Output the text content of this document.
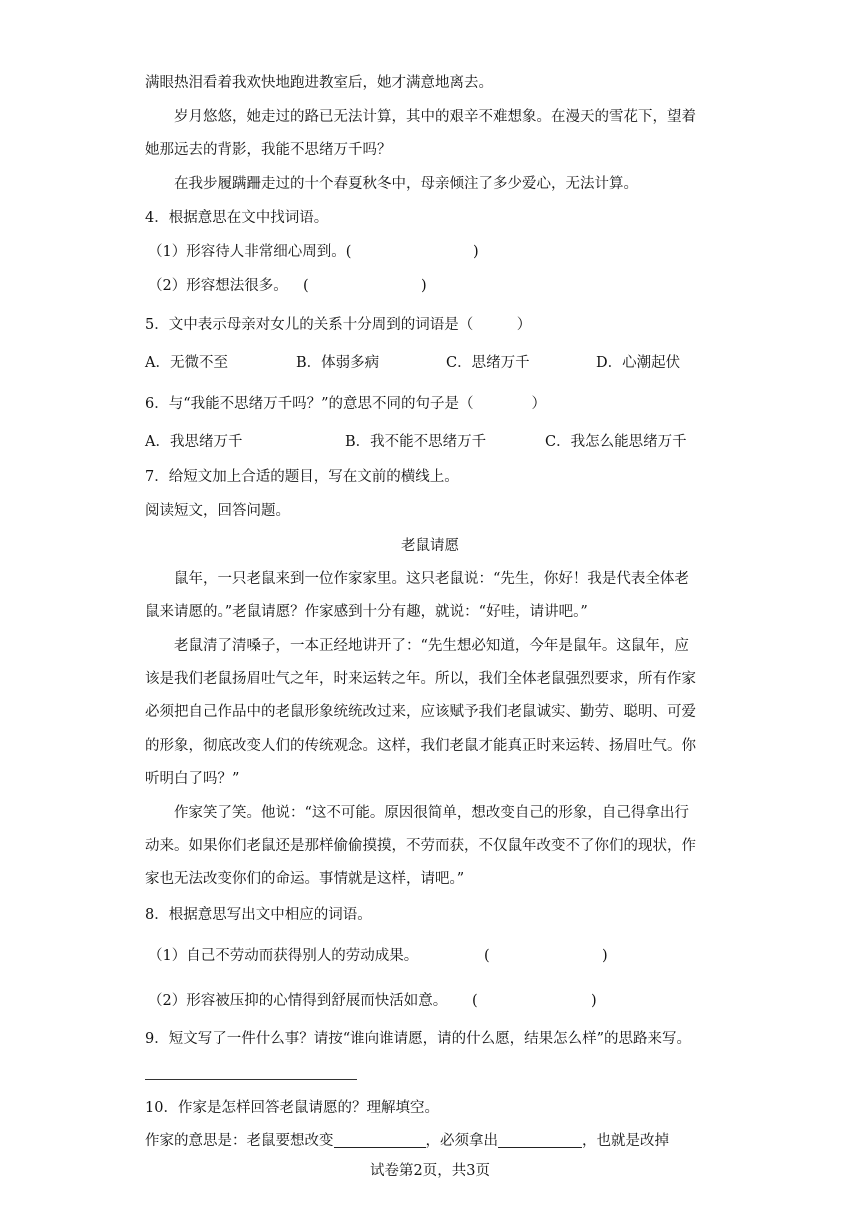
满眼热泪看着我欢快地跑进教室后，她才满意地离去。
岁月悠悠，她走过的路已无法计算，其中的艰辛不难想象。在漫天的雪花下，望着
她那远去的背影，我能不思绪万千吗？
在我步履蹒跚走过的十个春夏秋冬中，母亲倾注了多少爱心，无法计算。
4．根据意思在文中找词语。
（1）形容待人非常细心周到。(	)
（2）形容想法很多。	(	)
5．文中表示母亲对女儿的关系十分周到的词语是（　　　）
A．无微不至	B．体弱多病	C．思绪万千	D．心潮起伏
6．与“我能不思绪万千吗？”的意思不同的句子是（　　　　）
A．我思绪万千	B．我不能不思绪万千	C．我怎么能思绪万千
7．给短文加上合适的题目，写在文前的横线上。
阅读短文，回答问题。
老鼠请愿
鼠年，一只老鼠来到一位作家家里。这只老鼠说：“先生，你好！我是代表全体老
鼠来请愿的。”老鼠请愿？作家感到十分有趣，就说：“好哇，请讲吧。”
老鼠清了清嗓子，一本正经地讲开了：“先生想必知道，今年是鼠年。这鼠年，应
该是我们老鼠扬眉吐气之年，时来运转之年。所以，我们全体老鼠强烈要求，所有作家
必须把自己作品中的老鼠形象统统改过来，应该赋予我们老鼠诚实、勤劳、聪明、可爱
的形象，彻底改变人们的传统观念。这样，我们老鼠才能真正时来运转、扬眉吐气。你
听明白了吗？”
作家笑了笑。他说：“这不可能。原因很简单，想改变自己的形象，自己得拿出行
动来。如果你们老鼠还是那样偷偷摸摸，不劳而获，不仅鼠年改变不了你们的现状，作
家也无法改变你们的命运。事情就是这样，请吧。”
8．根据意思写出文中相应的词语。
（1）自己不劳动而获得别人的劳动成果。	(	)
（2）形容被压抑的心情得到舒展而快活如意。	(	)
9．短文写了一件什么事？请按“谁向谁请愿，请的什么愿，结果怎么样”的思路来写。
10．作家是怎样回答老鼠请愿的？理解填空。
作家的意思是：老鼠要想改变	，必须拿出	，也就是改掉
试卷第2页，共3页
